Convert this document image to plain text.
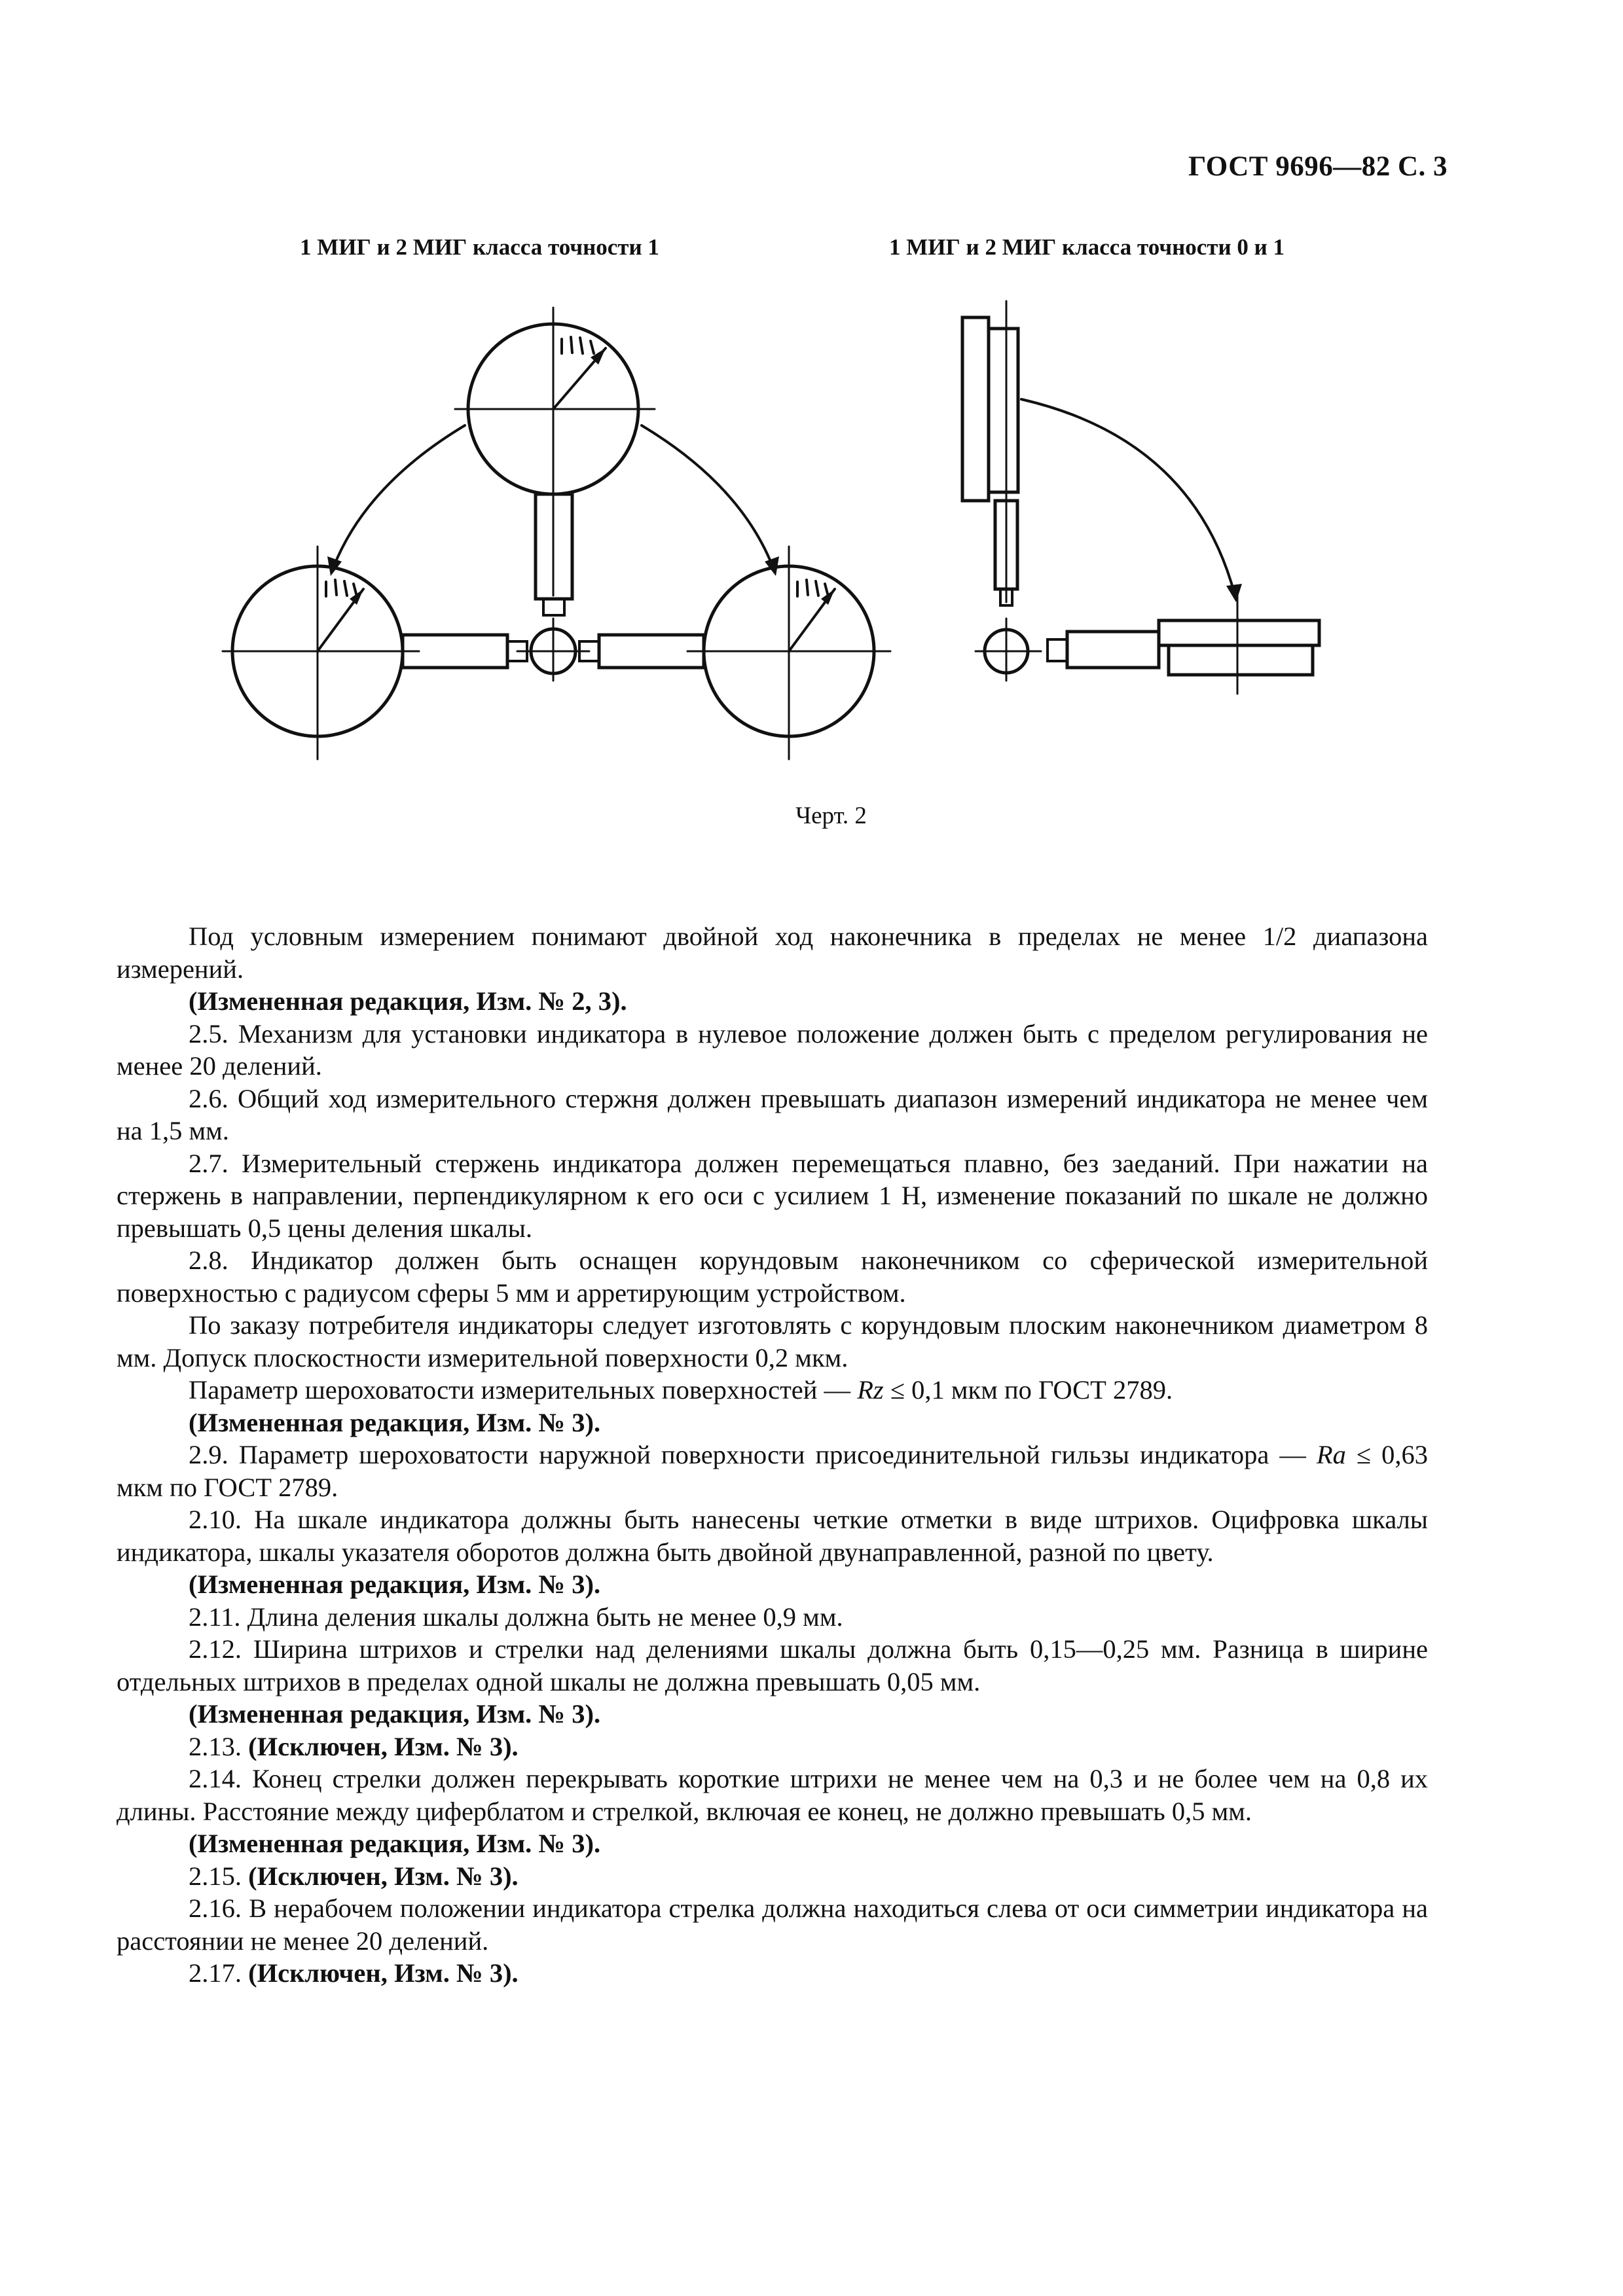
ГОСТ 9696—82 С. 3
1 МИГ и 2 МИГ класса точности 1	1 МИГ и 2 МИГ класса точности 0 и 1
Черт. 2

Под условным измерением понимают двойной ход наконечника в пределах не менее 1/2 диапазона измерений.

(Измененная редакция, Изм. № 2, 3).

2.5. Механизм для установки индикатора в нулевое положение должен быть с пределом регулирования не менее 20 делений.

2.6. Общий ход измерительного стержня должен превышать диапазон измерений индикатора не менее чем на 1,5 мм.

2.7. Измерительный стержень индикатора должен перемещаться плавно, без заеданий. При нажатии на стержень в направлении, перпендикулярном к его оси с усилием 1 Н, изменение показаний по шкале не должно превышать 0,5 цены деления шкалы.

2.8. Индикатор должен быть оснащен корундовым наконечником со сферической измерительной поверхностью с радиусом сферы 5 мм и арретирующим устройством.

По заказу потребителя индикаторы следует изготовлять с корундовым плоским наконечником диаметром 8 мм. Допуск плоскостности измерительной поверхности 0,2 мкм.

Параметр шероховатости измерительных поверхностей — Rz ≤ 0,1 мкм по ГОСТ 2789.

(Измененная редакция, Изм. № 3).

2.9. Параметр шероховатости наружной поверхности присоединительной гильзы индикатора — Ra ≤ 0,63 мкм по ГОСТ 2789.

2.10. На шкале индикатора должны быть нанесены четкие отметки в виде штрихов. Оцифровка шкалы индикатора, шкалы указателя оборотов должна быть двойной двунаправленной, разной по цвету.

(Измененная редакция, Изм. № 3).

2.11. Длина деления шкалы должна быть не менее 0,9 мм.

2.12. Ширина штрихов и стрелки над делениями шкалы должна быть 0,15—0,25 мм. Разница в ширине отдельных штрихов в пределах одной шкалы не должна превышать 0,05 мм.

(Измененная редакция, Изм. № 3).

2.13. (Исключен, Изм. № 3).

2.14. Конец стрелки должен перекрывать короткие штрихи не менее чем на 0,3 и не более чем на 0,8 их длины. Расстояние между циферблатом и стрелкой, включая ее конец, не должно превышать 0,5 мм.

(Измененная редакция, Изм. № 3).

2.15. (Исключен, Изм. № 3).

2.16. В нерабочем положении индикатора стрелка должна находиться слева от оси симметрии индикатора на расстоянии не менее 20 делений.

2.17. (Исключен, Изм. № 3).
